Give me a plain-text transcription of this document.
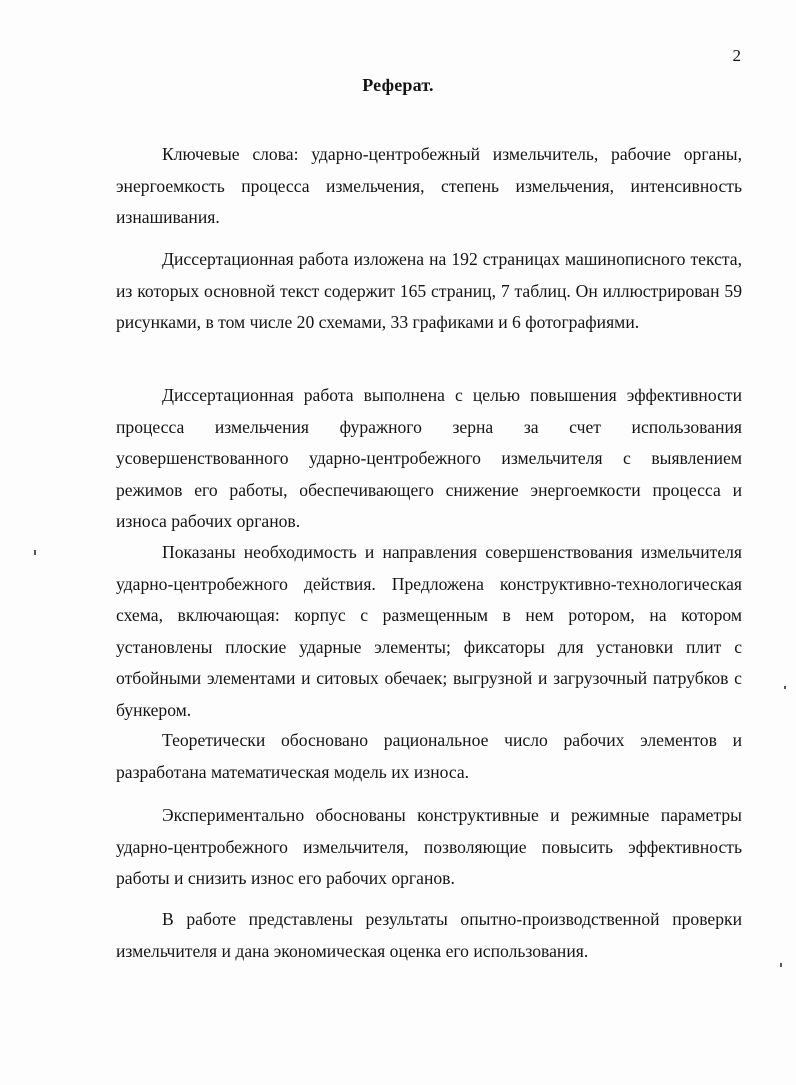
2
Реферат.

Ключевые слова: ударно-центробежный измельчитель, рабочие органы, энергоемкость процесса измельчения, степень измельчения, интенсивность изнашивания.

Диссертационная работа изложена на 192 страницах машинописного текста, из которых основной текст содержит 165 страниц, 7 таблиц. Он иллюстрирован 59 рисунками, в том числе 20 схемами, 33 графиками и 6 фотографиями.

Диссертационная работа выполнена с целью повышения эффективности процесса измельчения фуражного зерна за счет использования усовершенствованного ударно-центробежного измельчителя с выявлением режимов его работы, обеспечивающего снижение энергоемкости процесса и износа рабочих органов.

Показаны необходимость и направления совершенствования измельчителя ударно-центробежного действия. Предложена конструктивно-технологическая схема, включающая: корпус с размещенным в нем ротором, на котором установлены плоские ударные элементы; фиксаторы для установки плит с отбойными элементами и ситовых обечаек; выгрузной и загрузочный патрубков с бункером.

Теоретически обосновано рациональное число рабочих элементов и разработана математическая модель их износа.

Экспериментально обоснованы конструктивные и режимные параметры ударно-центробежного измельчителя, позволяющие повысить эффективность работы и снизить износ его рабочих органов.

В работе представлены результаты опытно-производственной проверки измельчителя и дана экономическая оценка его использования.
